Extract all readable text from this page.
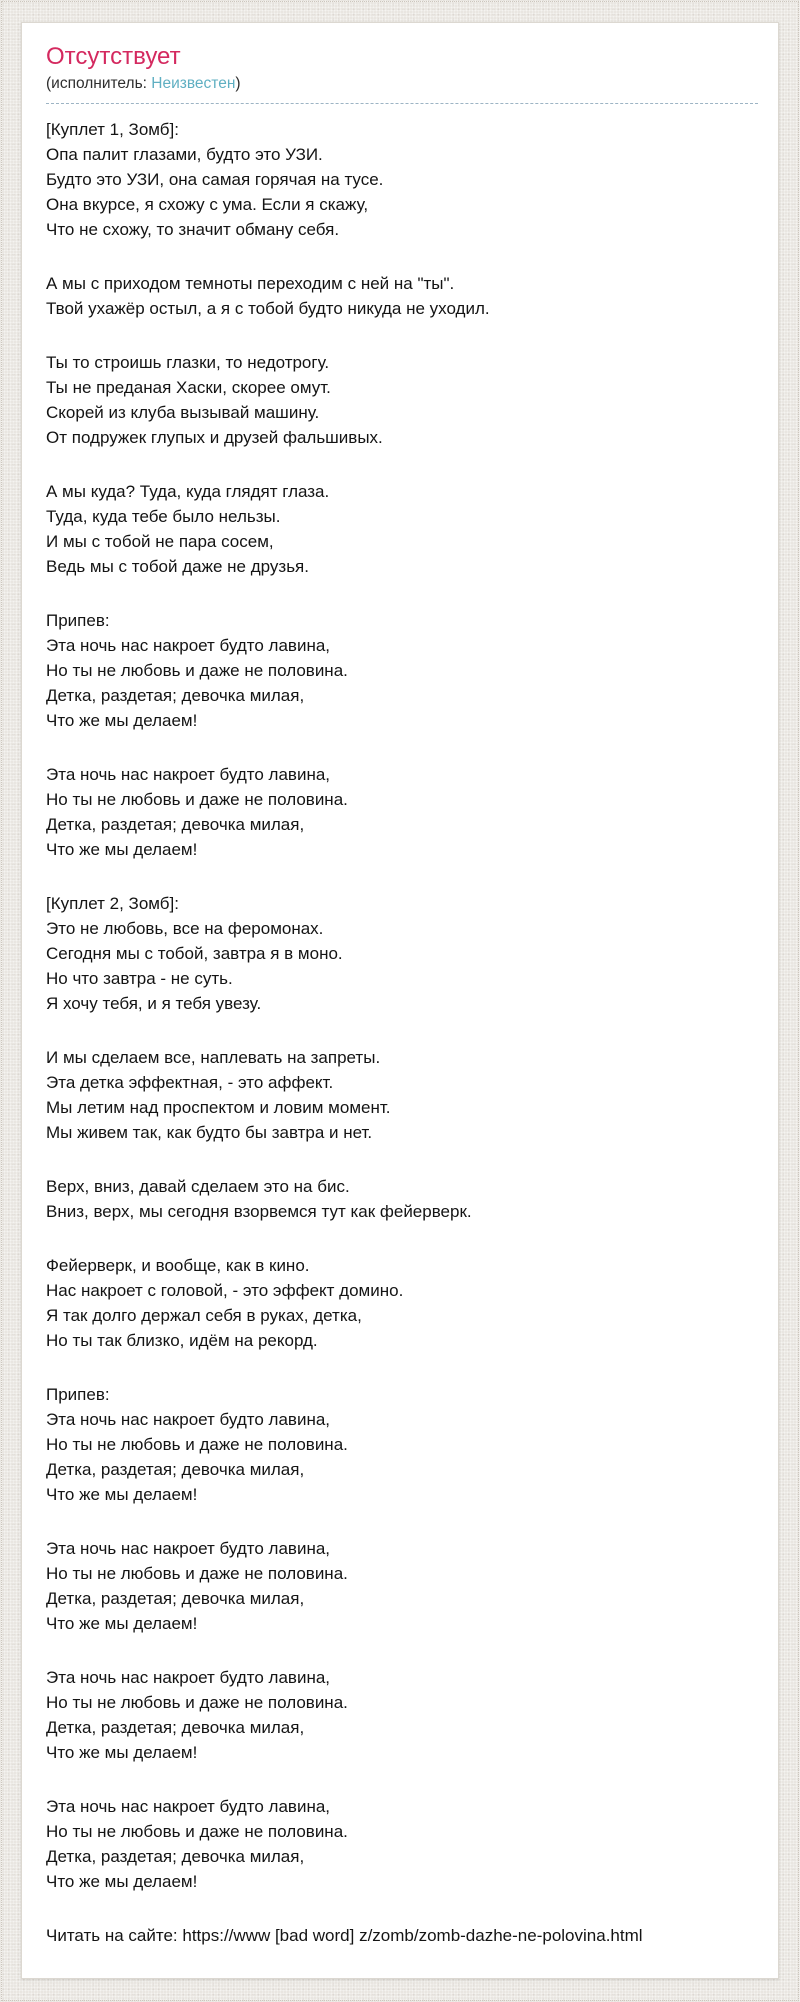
Отсутствует
(исполнитель: Неизвестен)

[Куплет 1, Зомб]:
Опа палит глазами, будто это УЗИ.
Будто это УЗИ, она самая горячая на тусе.
Она вкурсе, я схожу с ума. Если я скажу,
Что не схожу, то значит обману себя.

А мы с приходом темноты переходим с ней на "ты".
Твой ухажёр остыл, а я с тобой будто никуда не уходил.

Ты то строишь глазки, то недотрогу.
Ты не преданая Хаски, скорее омут.
Скорей из клуба вызывай машину.
От подружек глупых и друзей фальшивых.

А мы куда? Туда, куда глядят глаза.
Туда, куда тебе было нельзы.
И мы с тобой не пара сосем,
Ведь мы с тобой даже не друзья.

Припев:
Эта ночь нас накроет будто лавина,
Но ты не любовь и даже не половина.
Детка, раздетая; девочка милая,
Что же мы делаем!

Эта ночь нас накроет будто лавина,
Но ты не любовь и даже не половина.
Детка, раздетая; девочка милая,
Что же мы делаем!

[Куплет 2, Зомб]:
Это не любовь, все на феромонах.
Сегодня мы с тобой, завтра я в моно.
Но что завтра - не суть.
Я хочу тебя, и я тебя увезу.

И мы сделаем все, наплевать на запреты.
Эта детка эффектная, - это аффект.
Мы летим над проспектом и ловим момент.
Мы живем так, как будто бы завтра и нет.

Верх, вниз, давай сделаем это на бис.
Вниз, верх, мы сегодня взорвемся тут как фейерверк.

Фейерверк, и вообще, как в кино.
Нас накроет с головой, - это эффект домино.
Я так долго держал себя в руках, детка,
Но ты так близко, идём на рекорд.

Припев:
Эта ночь нас накроет будто лавина,
Но ты не любовь и даже не половина.
Детка, раздетая; девочка милая,
Что же мы делаем!

Эта ночь нас накроет будто лавина,
Но ты не любовь и даже не половина.
Детка, раздетая; девочка милая,
Что же мы делаем!

Эта ночь нас накроет будто лавина,
Но ты не любовь и даже не половина.
Детка, раздетая; девочка милая,
Что же мы делаем!

Эта ночь нас накроет будто лавина,
Но ты не любовь и даже не половина.
Детка, раздетая; девочка милая,
Что же мы делаем!

Читать на сайте: https://www [bad word] z/zomb/zomb-dazhe-ne-polovina.html
